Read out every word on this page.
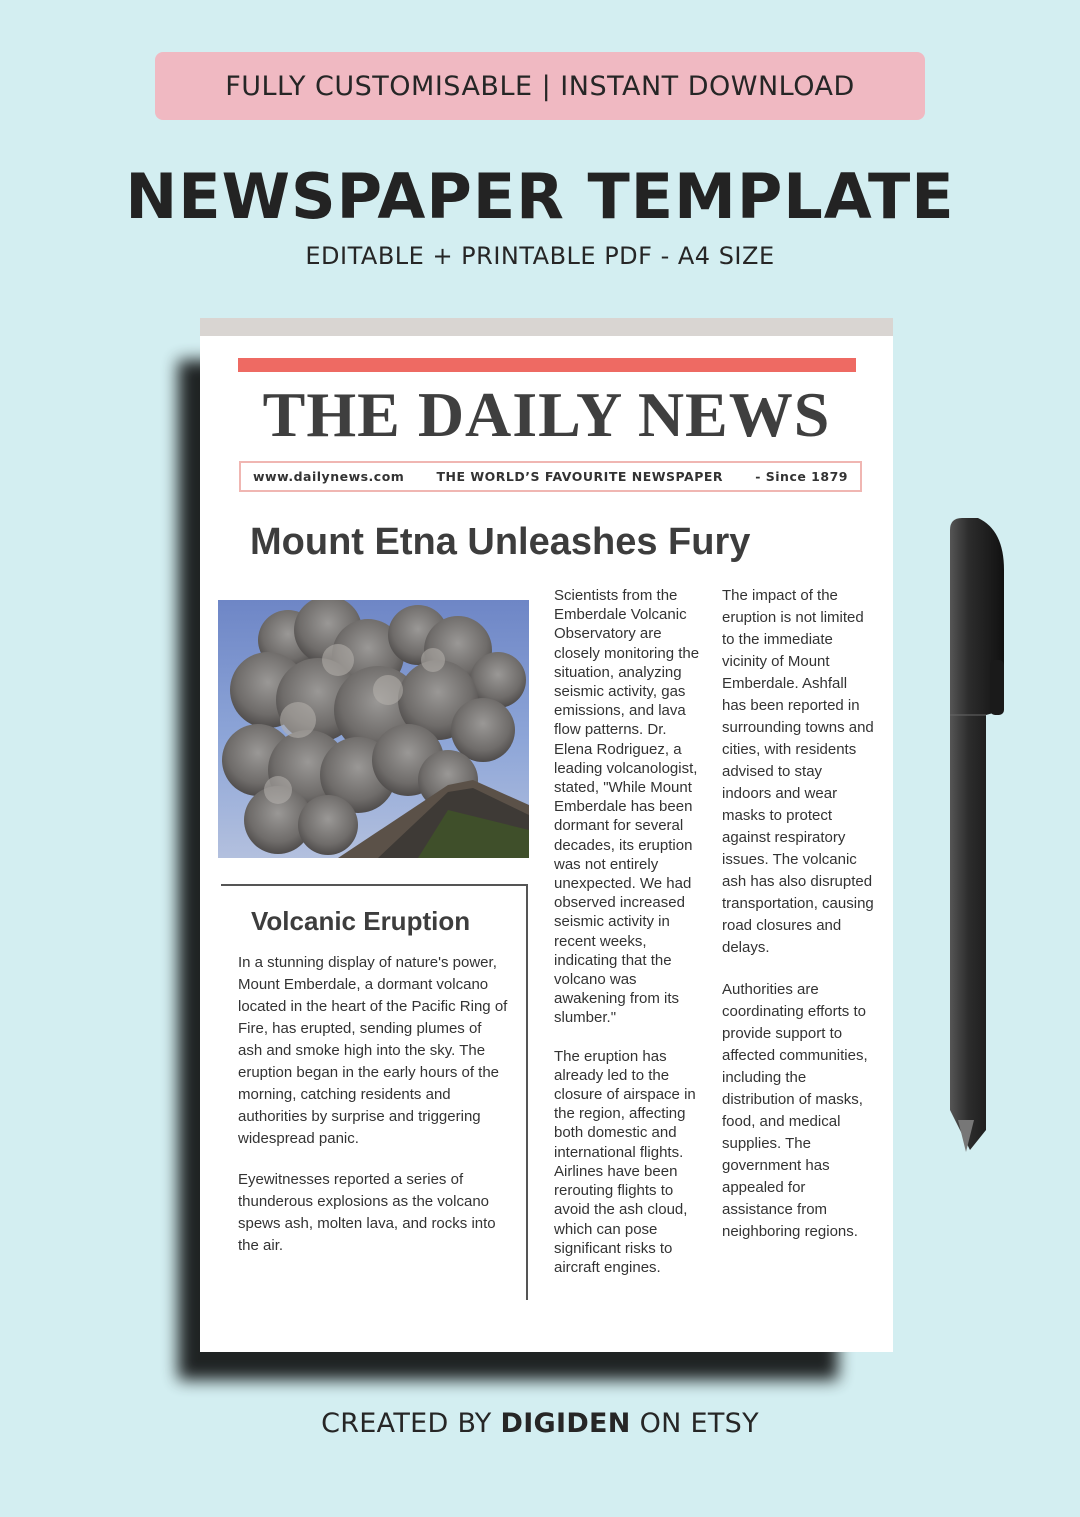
FULLY CUSTOMISABLE | INSTANT DOWNLOAD
NEWSPAPER TEMPLATE
EDITABLE + PRINTABLE PDF - A4 SIZE
THE DAILY NEWS
www.dailynews.com	THE WORLD’S FAVOURITE NEWSPAPER	- Since 1879
Mount Etna Unleashes Fury
Volcanic Eruption

In a stunning display of nature's power, Mount Emberdale, a dormant volcano located in the heart of the Pacific Ring of Fire, has erupted, sending plumes of ash and smoke high into the sky. The eruption began in the early hours of the morning, catching residents and authorities by surprise and triggering widespread panic.

Eyewitnesses reported a series of thunderous explosions as the volcano spews ash, molten lava, and rocks into the air.

Scientists from the Emberdale Volcanic Observatory are closely monitoring the situation, analyzing seismic activity, gas emissions, and lava flow patterns. Dr. Elena Rodriguez, a leading volcanologist, stated, "While Mount Emberdale has been dormant for several decades, its eruption was not entirely unexpected. We had observed increased seismic activity in recent weeks, indicating that the volcano was awakening from its slumber."

The eruption has already led to the closure of airspace in the region, affecting both domestic and international flights. Airlines have been rerouting flights to avoid the ash cloud, which can pose significant risks to aircraft engines.

The impact of the eruption is not limited to the immediate vicinity of Mount Emberdale. Ashfall has been reported in surrounding towns and cities, with residents advised to stay indoors and wear masks to protect against respiratory issues. The volcanic ash has also disrupted transportation, causing road closures and delays.

Authorities are coordinating efforts to provide support to affected communities, including the distribution of masks, food, and medical supplies. The government has appealed for assistance from neighboring regions.

CREATED BY DIGIDEN ON ETSY
